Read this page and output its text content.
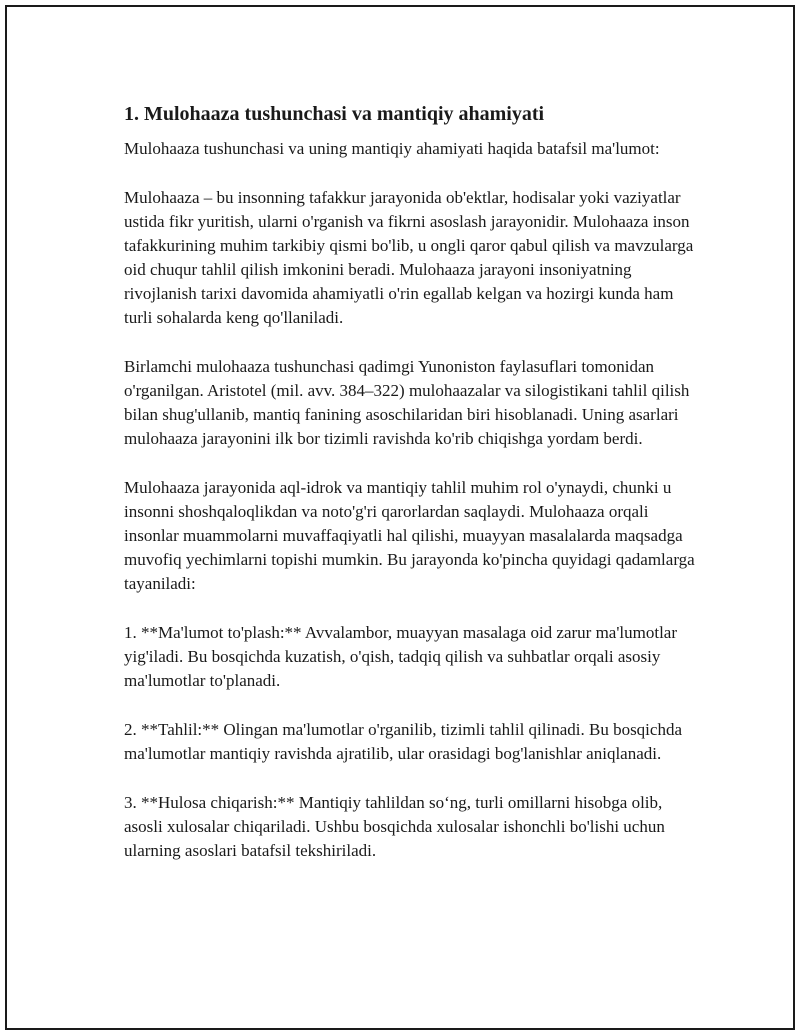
1. Mulohaaza tushunchasi va mantiqiy ahamiyati

Mulohaaza tushunchasi va uning mantiqiy ahamiyati haqida batafsil ma'lumot:

Mulohaaza – bu insonning tafakkur jarayonida ob'ektlar, hodisalar yoki vaziyatlar ustida fikr yuritish, ularni o'rganish va fikrni asoslash jarayonidir. Mulohaaza inson tafakkurining muhim tarkibiy qismi bo'lib, u ongli qaror qabul qilish va mavzularga oid chuqur tahlil qilish imkonini beradi. Mulohaaza jarayoni insoniyatning rivojlanish tarixi davomida ahamiyatli o'rin egallab kelgan va hozirgi kunda ham turli sohalarda keng qo'llaniladi.

Birlamchi mulohaaza tushunchasi qadimgi Yunoniston faylasuflari tomonidan o'rganilgan. Aristotel (mil. avv. 384–322) mulohaazalar va silogistikani tahlil qilish bilan shug'ullanib, mantiq fanining asoschilaridan biri hisoblanadi. Uning asarlari mulohaaza jarayonini ilk bor tizimli ravishda ko'rib chiqishga yordam berdi.

Mulohaaza jarayonida aql-idrok va mantiqiy tahlil muhim rol o'ynaydi, chunki u insonni shoshqaloqlikdan va noto'g'ri qarorlardan saqlaydi. Mulohaaza orqali insonlar muammolarni muvaffaqiyatli hal qilishi, muayyan masalalarda maqsadga muvofiq yechimlarni topishi mumkin. Bu jarayonda ko'pincha quyidagi qadamlarga tayaniladi:

1. **Ma'lumot to'plash:** Avvalambor, muayyan masalaga oid zarur ma'lumotlar yig'iladi. Bu bosqichda kuzatish, o'qish, tadqiq qilish va suhbatlar orqali asosiy ma'lumotlar to'planadi.

2. **Tahlil:** Olingan ma'lumotlar o'rganilib, tizimli tahlil qilinadi. Bu bosqichda ma'lumotlar mantiqiy ravishda ajratilib, ular orasidagi bog'lanishlar aniqlanadi.

3. **Hulosa chiqarish:** Mantiqiy tahlildan so‘ng, turli omillarni hisobga olib, asosli xulosalar chiqariladi. Ushbu bosqichda xulosalar ishonchli bo'lishi uchun ularning asoslari batafsil tekshiriladi.
